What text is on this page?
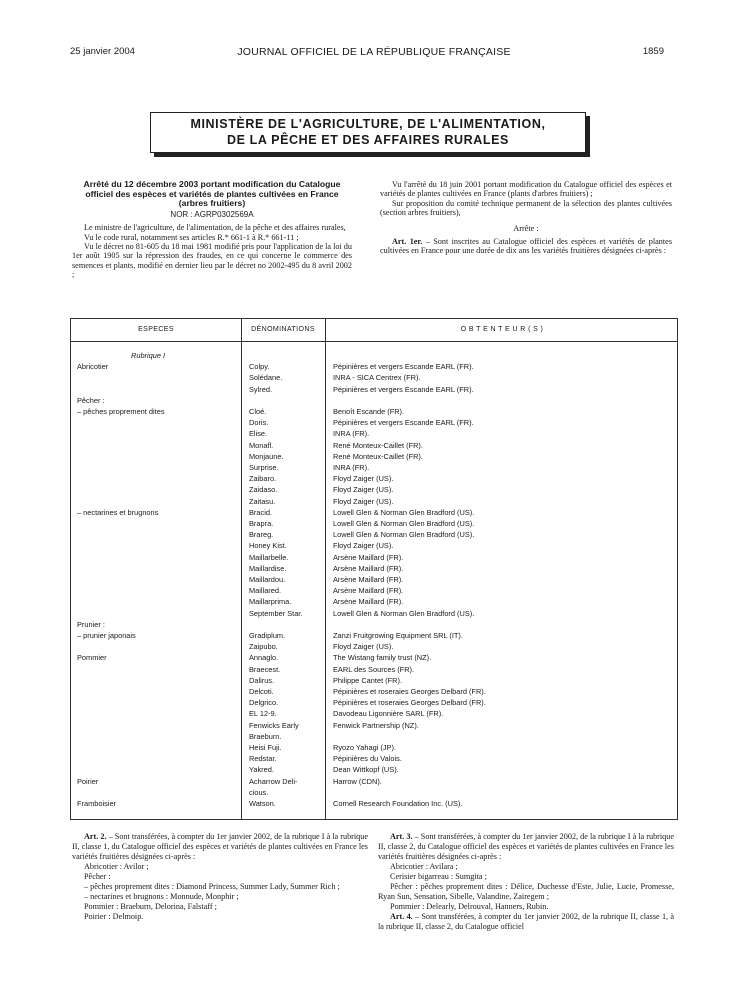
25 janvier 2004	JOURNAL OFFICIEL DE LA RÉPUBLIQUE FRANÇAISE	1859
MINISTÈRE DE L'AGRICULTURE, DE L'ALIMENTATION,
DE LA PÊCHE ET DES AFFAIRES RURALES
Arrêté du 12 décembre 2003 portant modification du Catalogue officiel des espèces et variétés de plantes cultivées en France (arbres fruitiers)
NOR : AGRP0302569A

Le ministre de l'agriculture, de l'alimentation, de la pêche et des affaires rurales,

Vu le code rural, notamment ses articles R.* 661-1 à R.* 661-11 ;

Vu le décret no 81-605 du 18 mai 1981 modifié pris pour l'application de la loi du 1er août 1905 sur la répression des fraudes, en ce qui concerne le commerce des semences et plants, modifié en dernier lieu par le décret no 2002-495 du 8 avril 2002 ;

Vu l'arrêté du 18 juin 2001 portant modification du Catalogue officiel des espèces et variétés de plantes cultivées en France (plants d'arbres fruitiers) ;

Sur proposition du comité technique permanent de la sélection des plantes cultivées (section arbres fruitiers),

Arrête :

Art. 1er. – Sont inscrites au Catalogue officiel des espèces et variétés de plantes cultivées en France pour une durée de dix ans les variétés fruitières désignées ci-après :

ESPECES	DÉNOMINATIONS	O B T E N T E U R ( S )
Rubrique I
Abricotier	Colpy.	Pépinières et vergers Escande EARL (FR).
Solédane.	INRA - SICA Centrex (FR).
Sylred.	Pépinières et vergers Escande EARL (FR).
Pêcher :
– pêches proprement dites	Cloé.	Benoît Escande (FR).
Doris.	Pépinières et vergers Escande EARL (FR).
Elise.	INRA (FR).
Monafl.	René Monteux-Caillet (FR).
Monjaune.	René Monteux-Caillet (FR).
Surprise.	INRA (FR).
Zaibaro.	Floyd Zaiger (US).
Zaidaso.	Floyd Zaiger (US).
Zaitasu.	Floyd Zaiger (US).
– nectarines et brugnons	Bracid.	Lowell Glen & Norman Glen Bradford (US).
Brapra.	Lowell Glen & Norman Glen Bradford (US).
Brareg.	Lowell Glen & Norman Glen Bradford (US).
Honey Kist.	Floyd Zaiger (US).
Maillarbelle.	Arsène Maillard (FR).
Maillardise.	Arsène Maillard (FR).
Maillardou.	Arsène Maillard (FR).
Maillared.	Arsène Maillard (FR).
Maillarprima.	Arsène Maillard (FR).
September Star.	Lowell Glen & Norman Glen Bradford (US).
Prunier :
– prunier japonais	Gradiplum.	Zanzi Fruitgrowing Equipment SRL (IT).
Zaipubo.	Floyd Zaiger (US).
Pommier	Annaglo.	The Wistang family trust (NZ).
Braecest.	EARL des Sources (FR).
Dalirus.	Philippe Cantet (FR).
Delcoti.	Pépinières et roseraies Georges Delbard (FR).
Delgrico.	Pépinières et roseraies Georges Delbard (FR).
EL 12-9.	Davodeau Ligonnière SARL (FR).
Fenwicks Early	Fenwick Partnership (NZ).
Braeburn.
Heisi Fuji.	Ryozo Yahagi (JP).
Redstar.	Pépinières du Valois.
Yakred.	Dean Wittkopf (US).
Poirier	Acharrow Deli-	Harrow (CDN).
cious.
Framboisier	Watson.	Cornell Research Foundation Inc. (US).

Art. 2. – Sont transférées, à compter du 1er janvier 2002, de la rubrique I à la rubrique II, classe 1, du Catalogue officiel des espèces et variétés de plantes cultivées en France les variétés fruitières désignées ci-après :

Abricotier : Avilor ;

Pêcher :

– pêches proprement dites : Diamond Princess, Summer Lady, Summer Rich ;

– nectarines et brugnons : Monnude, Monphir ;

Pommier : Braeburn, Delorina, Falstaff ;

Poirier : Delmoip.

Art. 3. – Sont transférées, à compter du 1er janvier 2002, de la rubrique I à la rubrique II, classe 2, du Catalogue officiel des espèces et variétés de plantes cultivées en France les variétés fruitières désignées ci-après :

Abricotier : Avilara ;

Cerisier bigarreau : Sumgita ;

Pêcher : pêches proprement dites : Délice, Duchesse d'Este, Julie, Lucie, Promesse, Ryan Sun, Sensation, Sibelle, Valandine, Zairegem ;

Pommier : Delearly, Delrouval, Hanners, Rubin.

Art. 4. – Sont transférées, à compter du 1er janvier 2002, de la rubrique II, classe 1, à la rubrique II, classe 2, du Catalogue officiel
